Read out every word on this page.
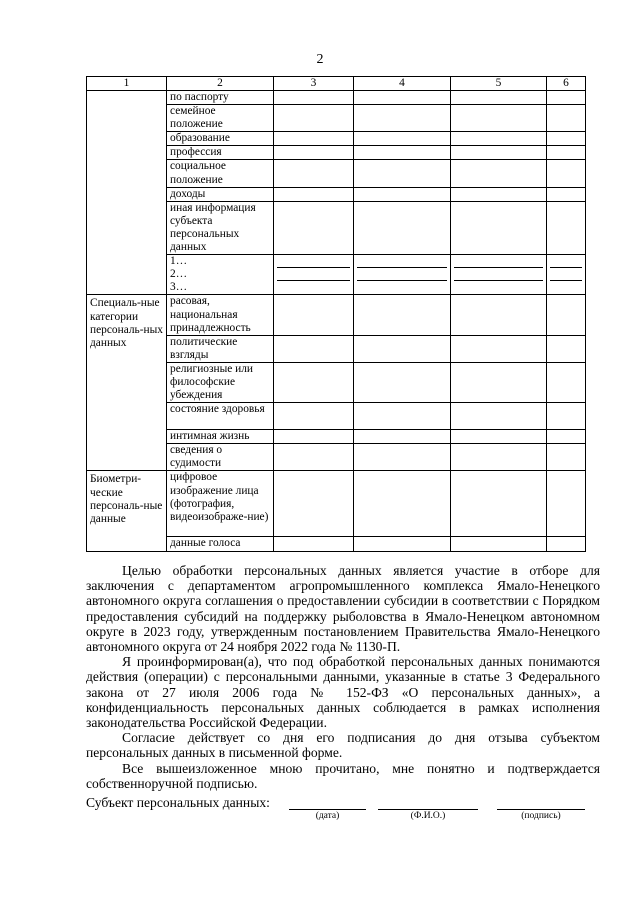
2
1	2	3	4	5	6
	по паспорту				
	семейное положение				
	образование				
	профессия				
	социальное положение				
	доходы				
	иная информация субъекта персональных данных				

	1…
2…
3…				

Специаль-ные категории персональ-ных данных	расовая, национальная принадлежность				
	политические взгляды				
	религиозные или философские убеждения				
	состояние здоровья				
	интимная жизнь				
	сведения о судимости				
Биометри-ческие персональ-ные данные	цифровое изображение лица (фотография, видеоизображе-ние)				
	данные голоса				

Целью обработки персональных данных является участие в отборе для заключения с департаментом агропромышленного комплекса Ямало-Ненецкого автономного округа соглашения о предоставлении субсидии в соответствии с Порядком предоставления субсидий на поддержку рыболовства в Ямало-Ненецком автономном округе в 2023 году, утвержденным постановлением Правительства Ямало-Ненецкого автономного округа от 24 ноября 2022 года № 1130-П.

Я проинформирован(а), что под обработкой персональных данных понимаются действия (операции) с персональными данными, указанные в статье 3 Федерального закона от 27 июля 2006 года № 152-ФЗ «О персональных данных», а конфиденциальность персональных данных соблюдается в рамках исполнения законодательства Российской Федерации.

Согласие действует со дня его подписания до дня отзыва субъектом персональных данных в письменной форме.

Все вышеизложенное мною прочитано, мне понятно и подтверждается собственноручной подписью.

Субъект персональных данных:
(дата)	(Ф.И.О.)	(подпись)
